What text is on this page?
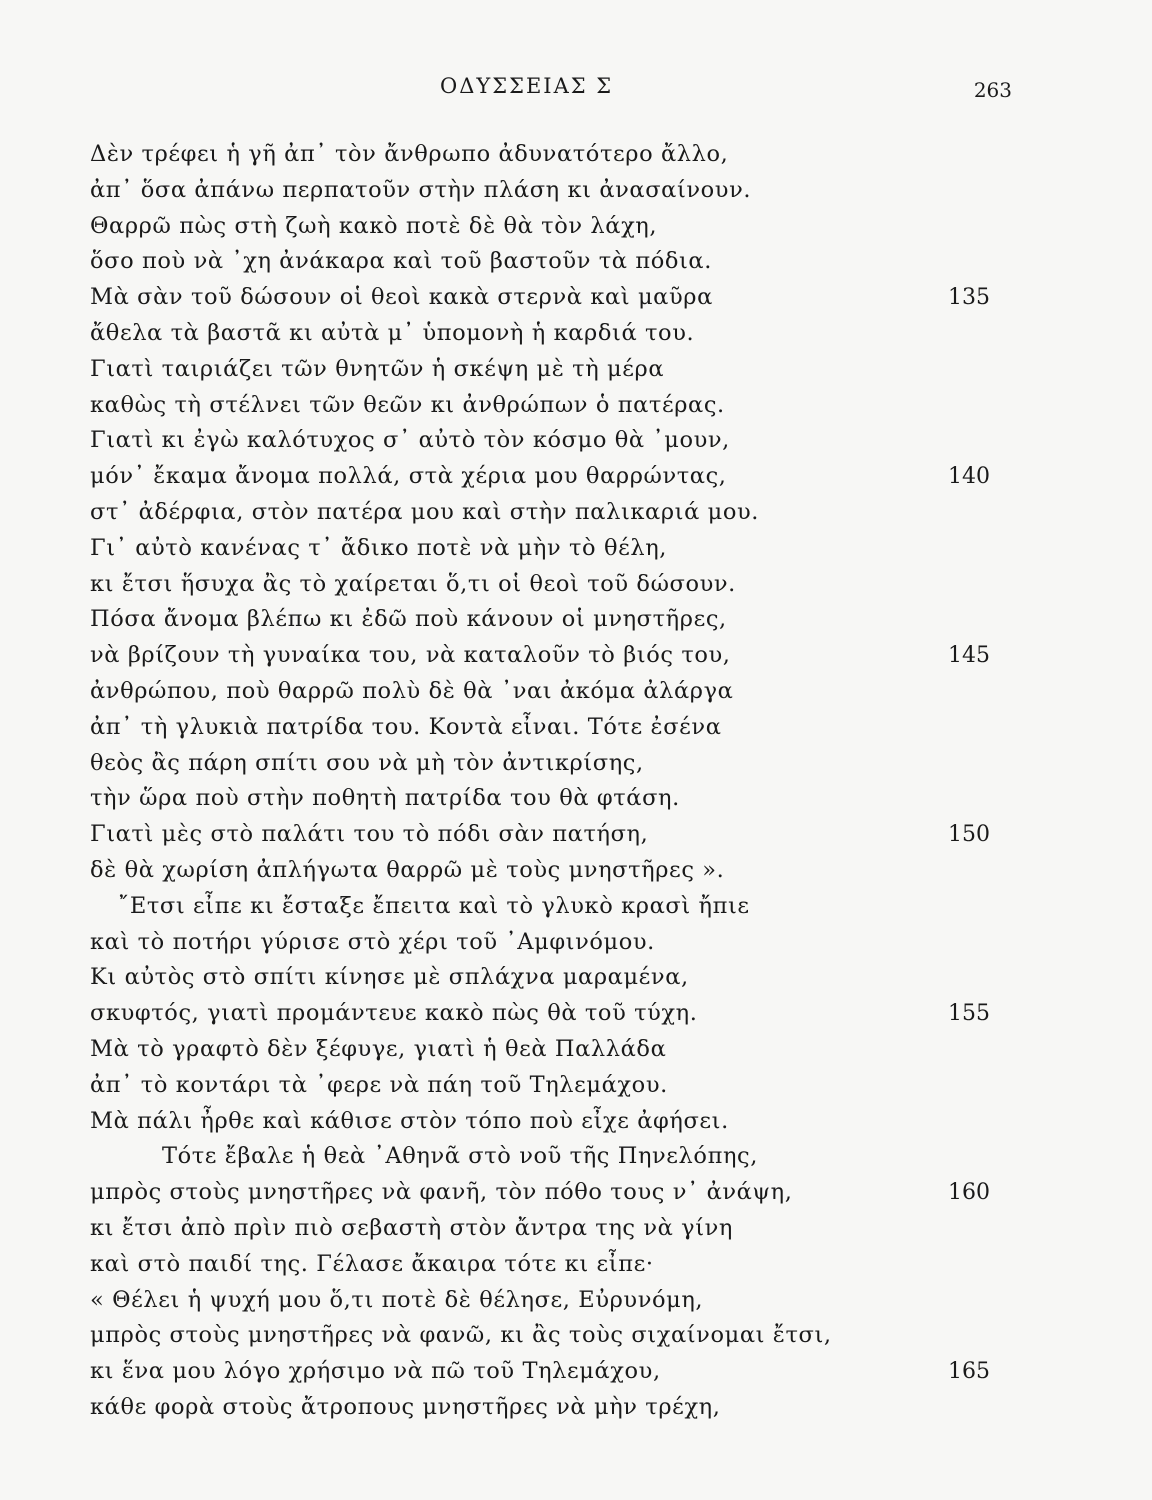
ΟΔΥΣΣΕΙΑΣ Σ	263
Δὲν τρέφει ἡ γῆ ἀπ᾽ τὸν ἄνθρωπο ἀδυνατότερο ἄλλο,
ἀπ᾽ ὅσα ἀπάνω περπατοῦν στὴν πλάση κι ἀνασαίνουν.
Θαρρῶ πὼς στὴ ζωὴ κακὸ ποτὲ δὲ θὰ τὸν λάχη,
ὅσο ποὺ νὰ ᾽χη ἀνάκαρα καὶ τοῦ βαστοῦν τὰ πόδια.
Μὰ σὰν τοῦ δώσουν οἱ θεοὶ κακὰ στερνὰ καὶ μαῦρα	135
ἄθελα τὰ βαστᾶ κι αὐτὰ μ᾽ ὑπομονὴ ἡ καρδιά του.
Γιατὶ ταιριάζει τῶν θνητῶν ἡ σκέψη μὲ τὴ μέρα
καθὼς τὴ στέλνει τῶν θεῶν κι ἀνθρώπων ὁ πατέρας.
Γιατὶ κι ἐγὼ καλότυχος σ᾽ αὐτὸ τὸν κόσμο θὰ ᾽μουν,
μόν᾽ ἔκαμα ἄνομα πολλά, στὰ χέρια μου θαρρώντας,	140
στ᾽ ἀδέρφια, στὸν πατέρα μου καὶ στὴν παλικαριά μου.
Γι᾽ αὐτὸ κανένας τ᾽ ἄδικο ποτὲ νὰ μὴν τὸ θέλη,
κι ἔτσι ἥσυχα ἂς τὸ χαίρεται ὅ,τι οἱ θεοὶ τοῦ δώσουν.
Πόσα ἄνομα βλέπω κι ἐδῶ ποὺ κάνουν οἱ μνηστῆρες,
νὰ βρίζουν τὴ γυναίκα του, νὰ καταλοῦν τὸ βιός του,	145
ἀνθρώπου, ποὺ θαρρῶ πολὺ δὲ θὰ ᾽ναι ἀκόμα ἀλάργα
ἀπ᾽ τὴ γλυκιὰ πατρίδα του. Κοντὰ εἶναι. Τότε ἐσένα
θεὸς ἂς πάρη σπίτι σου νὰ μὴ τὸν ἀντικρίσης,
τὴν ὥρα ποὺ στὴν ποθητὴ πατρίδα του θὰ φτάση.
Γιατὶ μὲς στὸ παλάτι του τὸ πόδι σὰν πατήση,	150
δὲ θὰ χωρίση ἀπλήγωτα θαρρῶ μὲ τοὺς μνηστῆρες ».
῎Ετσι εἶπε κι ἔσταξε ἔπειτα καὶ τὸ γλυκὸ κρασὶ ἤπιε
καὶ τὸ ποτήρι γύρισε στὸ χέρι τοῦ ᾽Αμφινόμου.
Κι αὐτὸς στὸ σπίτι κίνησε μὲ σπλάχνα μαραμένα,
σκυφτός, γιατὶ προμάντευε κακὸ πὼς θὰ τοῦ τύχη.	155
Μὰ τὸ γραφτὸ δὲν ξέφυγε, γιατὶ ἡ θεὰ Παλλάδα
ἀπ᾽ τὸ κοντάρι τὰ ᾽φερε νὰ πάη τοῦ Τηλεμάχου.
Μὰ πάλι ἦρθε καὶ κάθισε στὸν τόπο ποὺ εἶχε ἀφήσει.
Τότε ἔβαλε ἡ θεὰ ᾽Αθηνᾶ στὸ νοῦ τῆς Πηνελόπης,
μπρὸς στοὺς μνηστῆρες νὰ φανῆ, τὸν πόθο τους ν᾽ ἀνάψη,	160
κι ἔτσι ἀπὸ πρὶν πιὸ σεβαστὴ στὸν ἄντρα της νὰ γίνη
καὶ στὸ παιδί της. Γέλασε ἄκαιρα τότε κι εἶπε·
« Θέλει ἡ ψυχή μου ὅ,τι ποτὲ δὲ θέλησε, Εὐρυνόμη,
μπρὸς στοὺς μνηστῆρες νὰ φανῶ, κι ἂς τοὺς σιχαίνομαι ἔτσι,
κι ἕνα μου λόγο χρήσιμο νὰ πῶ τοῦ Τηλεμάχου,	165
κάθε φορὰ στοὺς ἄτροπους μνηστῆρες νὰ μὴν τρέχη,
